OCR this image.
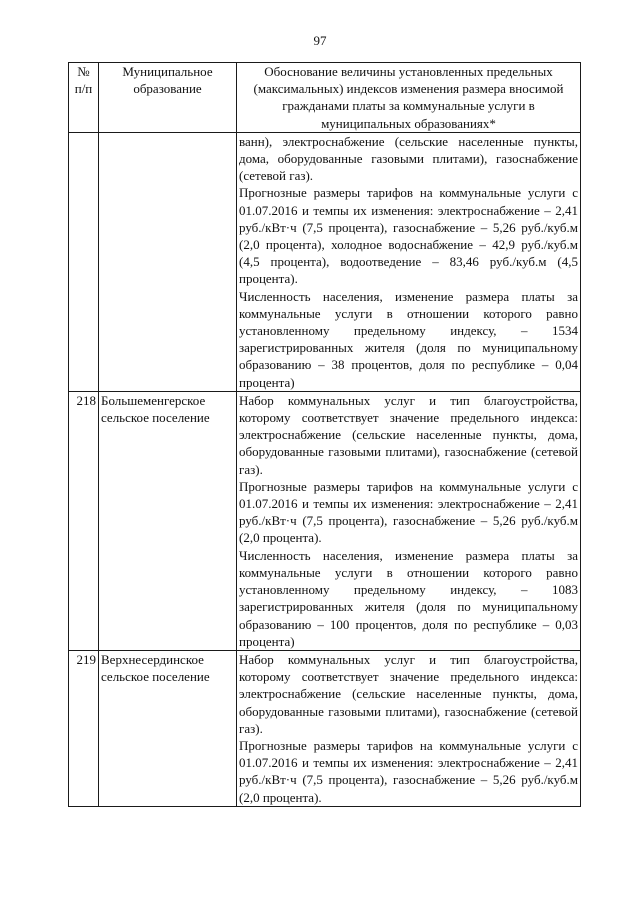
97
№ п/п	Муниципальное образование	Обоснование величины установленных предельных (максимальных) индексов изменения размера вносимой гражданами платы за коммунальные услуги в муниципальных образованиях*

		ванн), электроснабжение (сельские населенные пункты, дома, оборудованные газовыми плитами), газоснабжение (сетевой газ).

Прогнозные размеры тарифов на коммунальные услуги с 01.07.2016 и темпы их изменения: электроснабжение – 2,41 руб./кВт·ч (7,5 процента), газоснабжение – 5,26 руб./куб.м (2,0 процента), холодное водоснабжение – 42,9 руб./куб.м (4,5 процента), водоотведение – 83,46 руб./куб.м (4,5 процента).

Численность населения, изменение размера платы за коммунальные услуги в отношении которого равно установленному предельному индексу, – 1534 зарегистрированных жителя (доля по муниципальному образованию – 38 процентов, доля по республике – 0,04 процента)

218	Большеменгерское сельское поселение	Набор коммунальных услуг и тип благоустройства, которому соответствует значение предельного индекса: электроснабжение (сельские населенные пункты, дома, оборудованные газовыми плитами), газоснабжение (сетевой газ).

Прогнозные размеры тарифов на коммунальные услуги с 01.07.2016 и темпы их изменения: электроснабжение – 2,41 руб./кВт·ч (7,5 процента), газоснабжение – 5,26 руб./куб.м (2,0 процента).

Численность населения, изменение размера платы за коммунальные услуги в отношении которого равно установленному предельному индексу, – 1083 зарегистрированных жителя (доля по муниципальному образованию – 100 процентов, доля по республике – 0,03 процента)

219	Верхнесердинское сельское поселение	Набор коммунальных услуг и тип благоустройства, которому соответствует значение предельного индекса: электроснабжение (сельские населенные пункты, дома, оборудованные газовыми плитами), газоснабжение (сетевой газ).

Прогнозные размеры тарифов на коммунальные услуги с 01.07.2016 и темпы их изменения: электроснабжение – 2,41 руб./кВт·ч (7,5 процента), газоснабжение – 5,26 руб./куб.м (2,0 процента).
